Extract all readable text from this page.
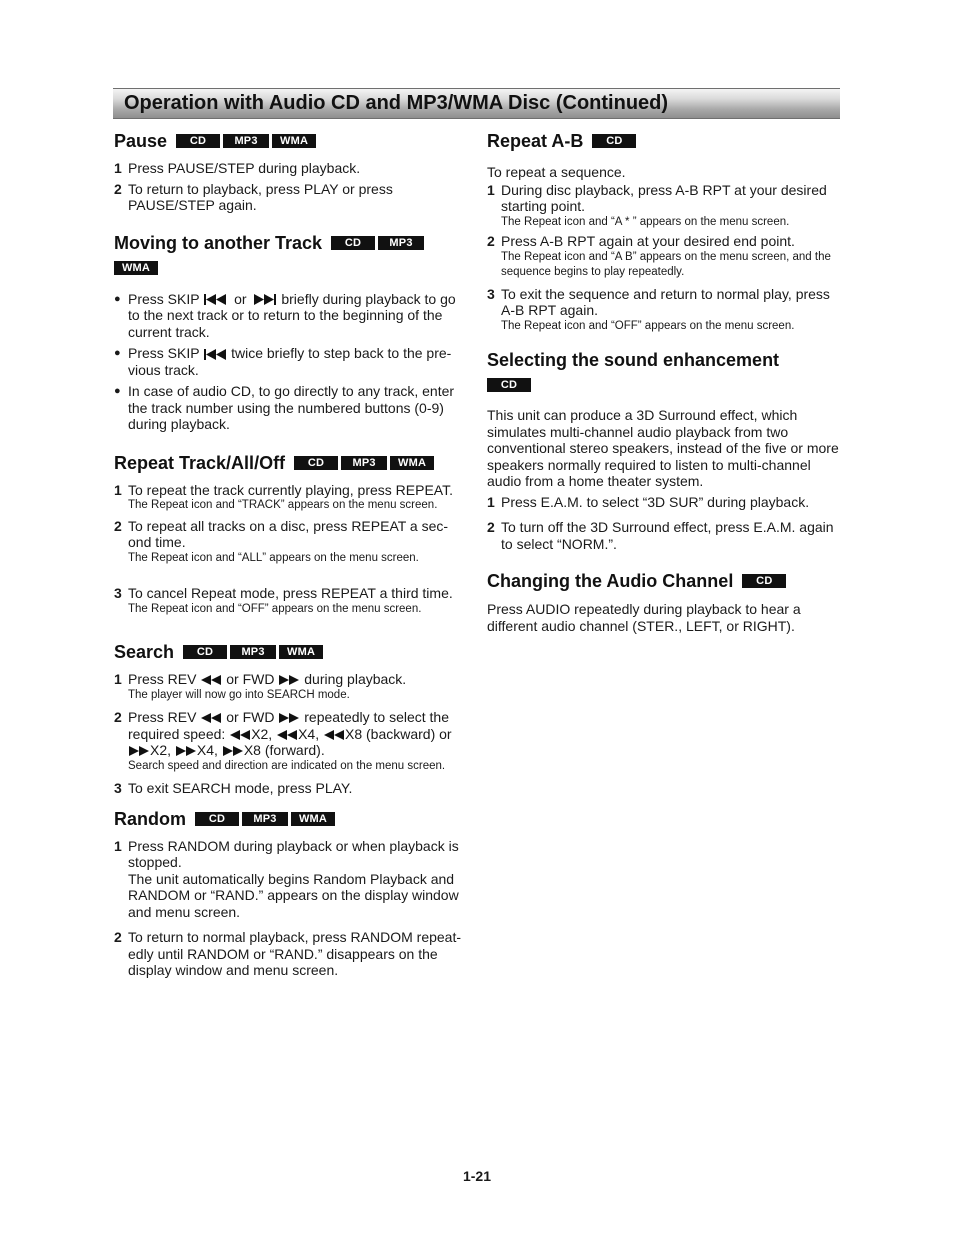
Operation with Audio CD and MP3/WMA Disc (Continued)
Pause	CD	MP3	WMA
1 Press PAUSE/STEP during playback.
2 To return to playback, press PLAY or press PAUSE/STEP again.
Moving to another Track	CD	MP3
WMA
● Press SKIP or briefly during playback to go to the next track or to return to the beginning of the current track.
● Press SKIP twice briefly to step back to the pre-vious track.
● In case of audio CD, to go directly to any track, enter the track number using the numbered buttons (0-9) during playback.
Repeat Track/All/Off	CD	MP3	WMA
1 To repeat the track currently playing, press REPEAT.
The Repeat icon and “TRACK” appears on the menu screen.
2 To repeat all tracks on a disc, press REPEAT a sec-ond time.
The Repeat icon and “ALL” appears on the menu screen.
3 To cancel Repeat mode, press REPEAT a third time.
The Repeat icon and “OFF” appears on the menu screen.
Search	CD	MP3	WMA
1 Press REV or FWD during playback.
The player will now go into SEARCH mode.
2 Press REV or FWD repeatedly to select the required speed: X2, X4, X8 (backward) or X2, X4, X8 (forward).
Search speed and direction are indicated on the menu screen.
3 To exit SEARCH mode, press PLAY.
Random	CD	MP3	WMA
1 Press RANDOM during playback or when playback is stopped.
The unit automatically begins Random Playback and RANDOM or “RAND.” appears on the display window and menu screen.
2 To return to normal playback, press RANDOM repeat-edly until RANDOM or “RAND.” disappears on the display window and menu screen.
Repeat A-B	CD

To repeat a sequence.

1 During disc playback, press A-B RPT at your desired starting point.
The Repeat icon and “A * ” appears on the menu screen.
2 Press A-B RPT again at your desired end point.
The Repeat icon and “A B” appears on the menu screen, and the sequence begins to play repeatedly.
3 To exit the sequence and return to normal play, press A-B RPT again.
The Repeat icon and “OFF” appears on the menu screen.
Selecting the sound enhancement
CD

This unit can produce a 3D Surround effect, which simulates multi-channel audio playback from two conventional stereo speakers, instead of the five or more speakers normally required to listen to multi-channel audio from a home theater system.

1 Press E.A.M. to select “3D SUR” during playback.
2 To turn off the 3D Surround effect, press E.A.M. again to select “NORM.”.
Changing the Audio Channel	CD

Press AUDIO repeatedly during playback to hear a different audio channel (STER., LEFT, or RIGHT).

1-21
